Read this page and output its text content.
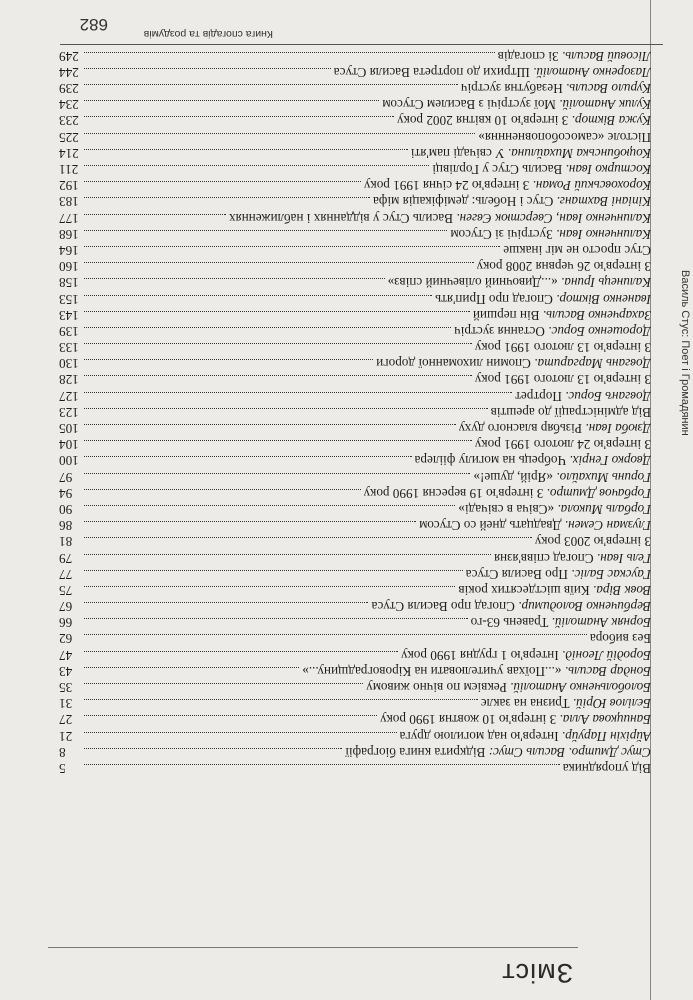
Зміст
Василь Стус: Поет і Громадянин
Від упорядника
5
Стус Дмитро. Василь Стус: Відкрита книга біографії
8
Айріхін Паруйр. Інтерв'ю над могилою друга
21
Баницкова Алла. З інтерв'ю 10 жовтня 1990 року
27
Бєлілов Юрій. Тризна на заклє
31
Болобольченко Анатолій. Реквієм по вічно живому
35
Бондар Василь. «...Поїхав учителювати на Кіровоградщину...»
43
Бородій Леонід. Інтерв'ю 1 грудня 1990 року
47
Без вибора
62
Борняк Анатолій. Травень 63-го
66
Вербиченко Володимир. Спогад про Василя Стуса
67
Вовк Віра. Київ шістдесятих років
75
Гаускас Баліс. Про Василя Стуса
77
Гель Іван. Спогад співв'язня
79
З інтерв'ю 2003 року
81
Глузман Семен. Двадцать дней со Стусом
86
Горбаль Микола. «Свіча в свічаді»
90
Горбачов Дмитро. З інтерв'ю 19 вересня 1990 року
94
Горинь Михайло. «Ярій, душе!»
97
Дворко Генріх. Чобрець на могилу фіілера
100
З інтерв'ю 24 лютого 1991 року
104
Дзюба Іван. Різьбяр власного духу
105
Від адміністрації до арештів
123
Довганъ Борис. Портрет
127
З інтерв'ю 13 лютого 1991 року
128
Довгань Маргарита. Спомин лихоманної дороги
130
З інтерв'ю 13 лютого 1991 року
133
Дорошенко Борис. Остання зустріч
139
Захарченко Василь. Він перший
143
Іваненко Віктор. Спогад про Прип'ять
153
Калинець Ірина. «...Дивочний олівечний співз»
158
З інтерв'ю 26 червня 2008 року
160
Стус просто не міг інакше
164
Калинченко Іван. Зустрічі зі Стусом
168
Калинченко Іван, Сверстюк Євген. Василь Стус у відданнях і наближеннях
177
Кіпіані Вахтанг. Стус і Нобель: деміфікація міфа
183
Короховський Роман. З інтерв'ю 24 січня 1991 року
192
Костирко Іван. Василь Стус у Горлівці
211
Коцюбинська Михайлина. У свічаді пам'яті
214
Пістолє «самособоповненння»
225
Кужа Віктор. З інтерв'ю 10 квітня 2002 року
233
Кулик Анатолій. Мої зустрічі з Василем Стусом
234
Курило Василь. Незабутня зустріч
239
Лазоренко Анатолій. Штрихи до портрета Василя Стуса
244
Лісовий Василь. Зі спогадів
249
Книга спогадів та роздумів
682
